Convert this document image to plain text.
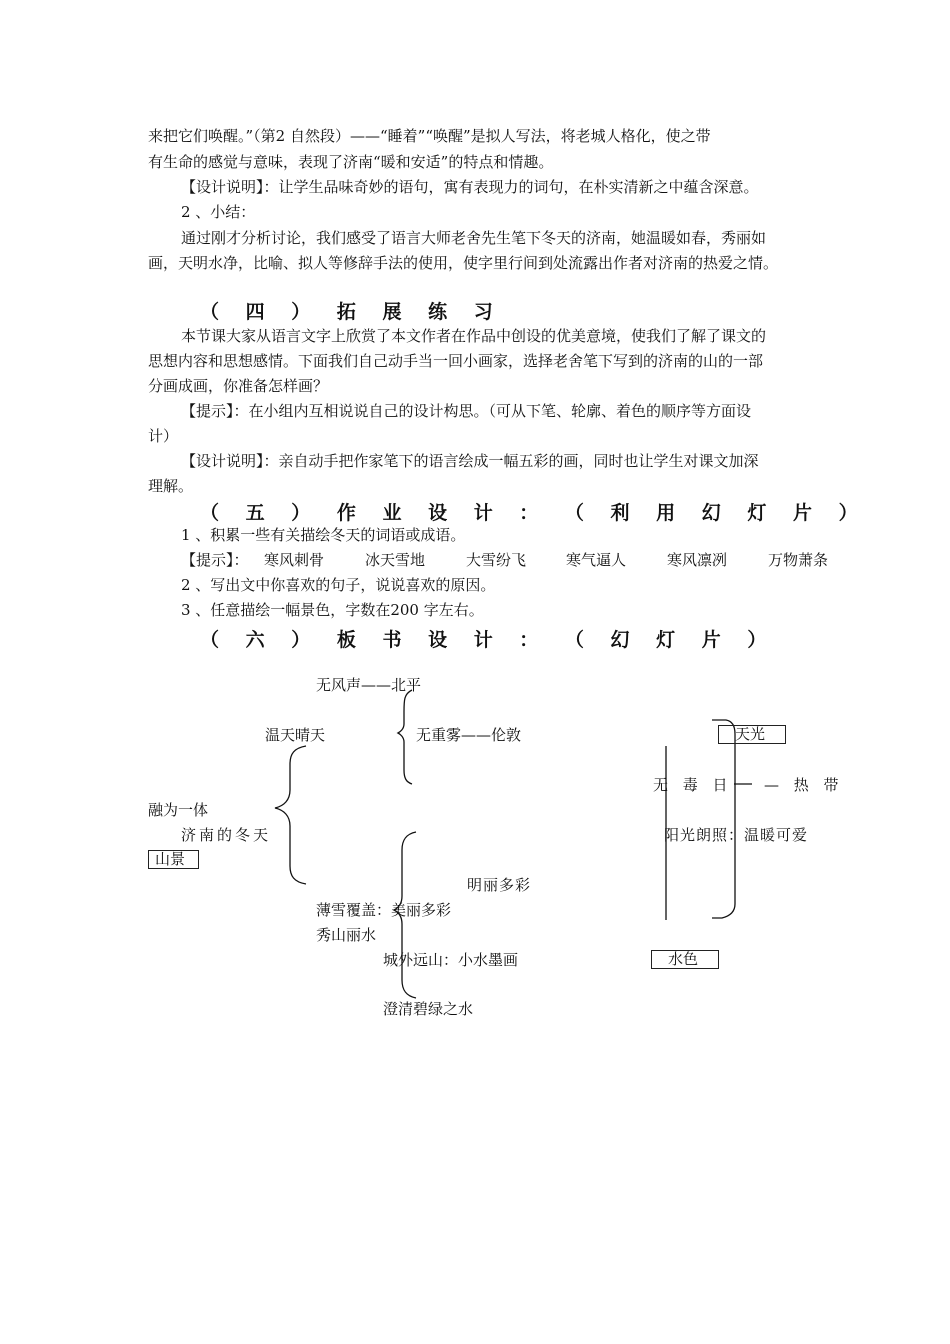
来把它们唤醒。”（第2 自然段）——“睡着”“唤醒”是拟人写法，将老城人格化，使之带
有生命的感觉与意味，表现了济南“暖和安适”的特点和情趣。
【设计说明】：让学生品味奇妙的语句，寓有表现力的词句，在朴实清新之中蕴含深意。
2 、小结：
通过刚才分析讨论，我们感受了语言大师老舍先生笔下冬天的济南，她温暖如春，秀丽如
画，天明水净，比喻、拟人等修辞手法的使用，使字里行间到处流露出作者对济南的热爱之情。
（ 四 ） 拓 展 练 习
本节课大家从语言文字上欣赏了本文作者在作品中创设的优美意境，使我们了解了课文的
思想内容和思想感情。下面我们自己动手当一回小画家，选择老舍笔下写到的济南的山的一部
分画成画，你准备怎样画？
【提示】：在小组内互相说说自己的设计构思。（可从下笔、轮廓、着色的顺序等方面设
计）
【设计说明】：亲自动手把作家笔下的语言绘成一幅五彩的画，同时也让学生对课文加深
理解。
（ 五 ） 作 业 设 计 ： （ 利 用 幻 灯 片 ）
1 、积累一些有关描绘冬天的词语或成语。
【提示】： 寒风刺骨	冰天雪地	大雪纷飞	寒气逼人	寒风凛冽	万物萧条
2 、写出文中你喜欢的句子，说说喜欢的原因。
3 、任意描绘一幅景色，字数在200 字左右。
（ 六 ） 板 书 设 计 ： （ 幻 灯 片 ）
无风声——北平
温天晴天	无重雾——伦敦
融为一体
济南的冬天
山景
明丽多彩
薄雪覆盖：美丽多彩
秀山丽水
城外远山：小水墨画
澄清碧绿之水
天光
无 毒 日 — 热 带
阳光朗照：温暖可爱
水色
